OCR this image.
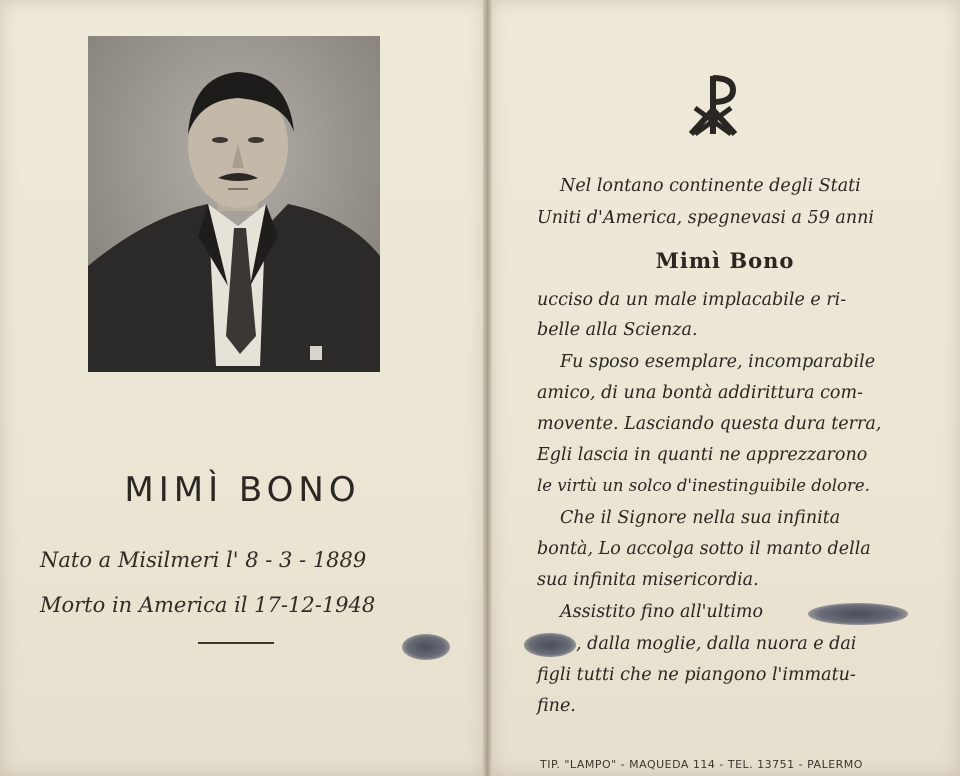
MIMÌ BONO
Nato a Misilmeri l' 8 - 3 - 1889
Morto in America il 17-12-1948
Nel lontano continente degli Stati
Uniti d'America, spegnevasi a 59 anni
Mimì Bono
ucciso da un male implacabile e ri-
belle alla Scienza.
Fu sposo esemplare, incomparabile
amico, di una bontà addirittura com-
movente. Lasciando questa dura terra,
Egli lascia in quanti ne apprezzarono
le virtù un solco d'inestinguibile dolore.
Che il Signore nella sua infinita
bontà, Lo accolga sotto il manto della
sua infinita misericordia.
Assistito fino all'ultimo
, dalla moglie, dalla nuora e dai
figli tutti che ne piangono l'immatu-
fine.
TIP. "LAMPO" - MAQUEDA 114 - TEL. 13751 - PALERMO
